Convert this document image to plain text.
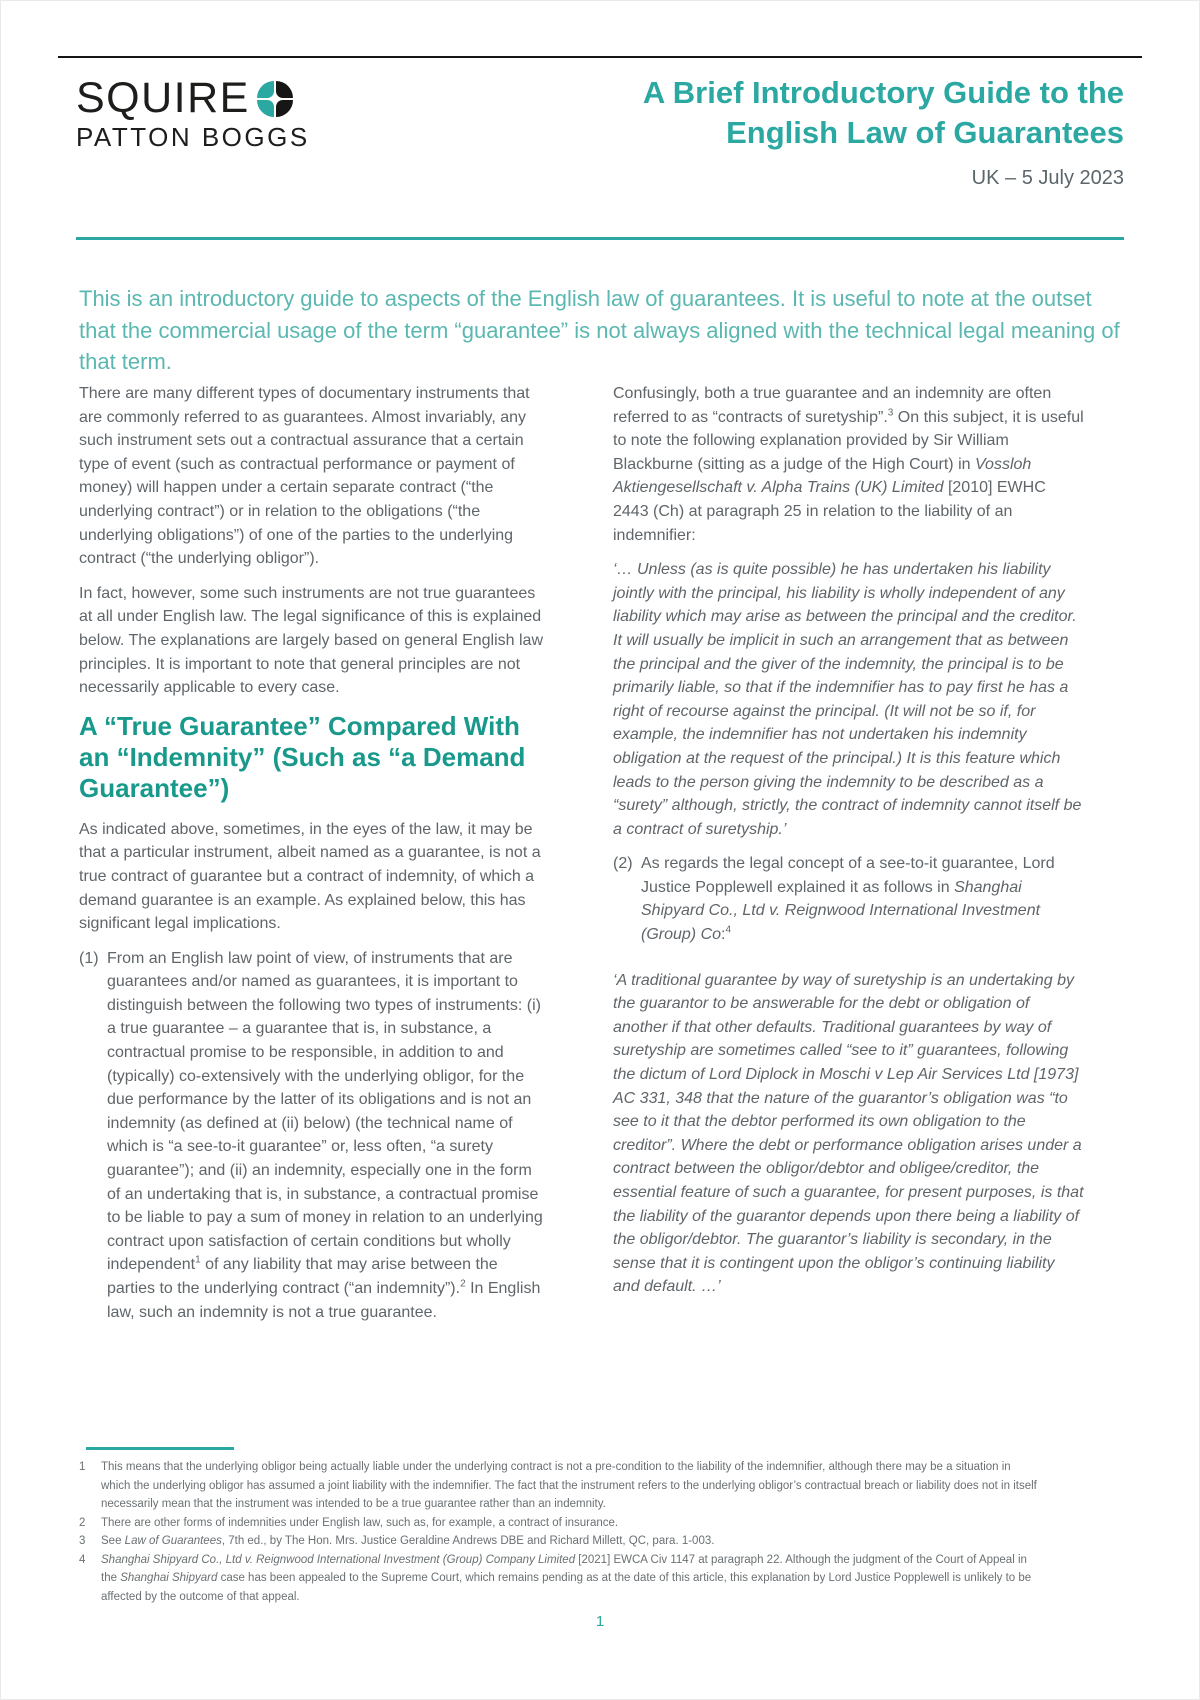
SQUIRE
PATTON BOGGS
A Brief Introductory Guide to the
English Law of Guarantees
UK – 5 July 2023

This is an introductory guide to aspects of the English law of guarantees. It is useful to note at the outset that the commercial usage of the term “guarantee” is not always aligned with the technical legal meaning of that term.

There are many different types of documentary instruments that are commonly referred to as guarantees. Almost invariably, any such instrument sets out a contractual assurance that a certain type of event (such as contractual performance or payment of money) will happen under a certain separate contract (“the underlying contract”) or in relation to the obligations (“the underlying obligations”) of one of the parties to the underlying contract (“the underlying obligor”).

In fact, however, some such instruments are not true guarantees at all under English law. The legal significance of this is explained below. The explanations are largely based on general English law principles. It is important to note that general principles are not necessarily applicable to every case.

A “True Guarantee” Compared With an “Indemnity” (Such as “a Demand Guarantee”)

As indicated above, sometimes, in the eyes of the law, it may be that a particular instrument, albeit named as a guarantee, is not a true contract of guarantee but a contract of indemnity, of which a demand guarantee is an example. As explained below, this has significant legal implications.

(1) From an English law point of view, of instruments that are guarantees and/or named as guarantees, it is important to distinguish between the following two types of instruments: (i) a true guarantee – a guarantee that is, in substance, a contractual promise to be responsible, in addition to and (typically) co-extensively with the underlying obligor, for the due performance by the latter of its obligations and is not an indemnity (as defined at (ii) below) (the technical name of which is “a see-to-it guarantee” or, less often, “a surety guarantee”); and (ii) an indemnity, especially one in the form of an undertaking that is, in substance, a contractual promise to be liable to pay a sum of money in relation to an underlying contract upon satisfaction of certain conditions but wholly independent$^1$ of any liability that may arise between the parties to the underlying contract (“an indemnity”).$^2$ In English law, such an indemnity is not a true guarantee.

Confusingly, both a true guarantee and an indemnity are often referred to as “contracts of suretyship”.$^3$ On this subject, it is useful to note the following explanation provided by Sir William Blackburne (sitting as a judge of the High Court) in Vossloh Aktiengesellschaft v. Alpha Trains (UK) Limited [2010] EWHC 2443 (Ch) at paragraph 25 in relation to the liability of an indemnifier:

‘… Unless (as is quite possible) he has undertaken his liability jointly with the principal, his liability is wholly independent of any liability which may arise as between the principal and the creditor. It will usually be implicit in such an arrangement that as between the principal and the giver of the indemnity, the principal is to be primarily liable, so that if the indemnifier has to pay first he has a right of recourse against the principal. (It will not be so if, for example, the indemnifier has not undertaken his indemnity obligation at the request of the principal.) It is this feature which leads to the person giving the indemnity to be described as a “surety” although, strictly, the contract of indemnity cannot itself be a contract of suretyship.’

(2) As regards the legal concept of a see-to-it guarantee, Lord Justice Popplewell explained it as follows in Shanghai Shipyard Co., Ltd v. Reignwood International Investment (Group) Co:$^4$

‘A traditional guarantee by way of suretyship is an undertaking by the guarantor to be answerable for the debt or obligation of another if that other defaults. Traditional guarantees by way of suretyship are sometimes called “see to it” guarantees, following the dictum of Lord Diplock in Moschi v Lep Air Services Ltd [1973] AC 331, 348 that the nature of the guarantor’s obligation was “to see to it that the debtor performed its own obligation to the creditor”. Where the debt or performance obligation arises under a contract between the obligor/debtor and obligee/creditor, the essential feature of such a guarantee, for present purposes, is that the liability of the guarantor depends upon there being a liability of the obligor/debtor. The guarantor’s liability is secondary, in the sense that it is contingent upon the obligor’s continuing liability and default. …’

1	This means that the underlying obligor being actually liable under the underlying contract is not a pre-condition to the liability of the indemnifier, although there may be a situation in which the underlying obligor has assumed a joint liability with the indemnifier. The fact that the instrument refers to the underlying obligor’s contractual breach or liability does not in itself necessarily mean that the instrument was intended to be a true guarantee rather than an indemnity.
2	There are other forms of indemnities under English law, such as, for example, a contract of insurance.
3	See Law of Guarantees, 7th ed., by The Hon. Mrs. Justice Geraldine Andrews DBE and Richard Millett, QC, para. 1-003.
4	Shanghai Shipyard Co., Ltd v. Reignwood International Investment (Group) Company Limited [2021] EWCA Civ 1147 at paragraph 22. Although the judgment of the Court of Appeal in the Shanghai Shipyard case has been appealed to the Supreme Court, which remains pending as at the date of this article, this explanation by Lord Justice Popplewell is unlikely to be affected by the outcome of that appeal.
1
